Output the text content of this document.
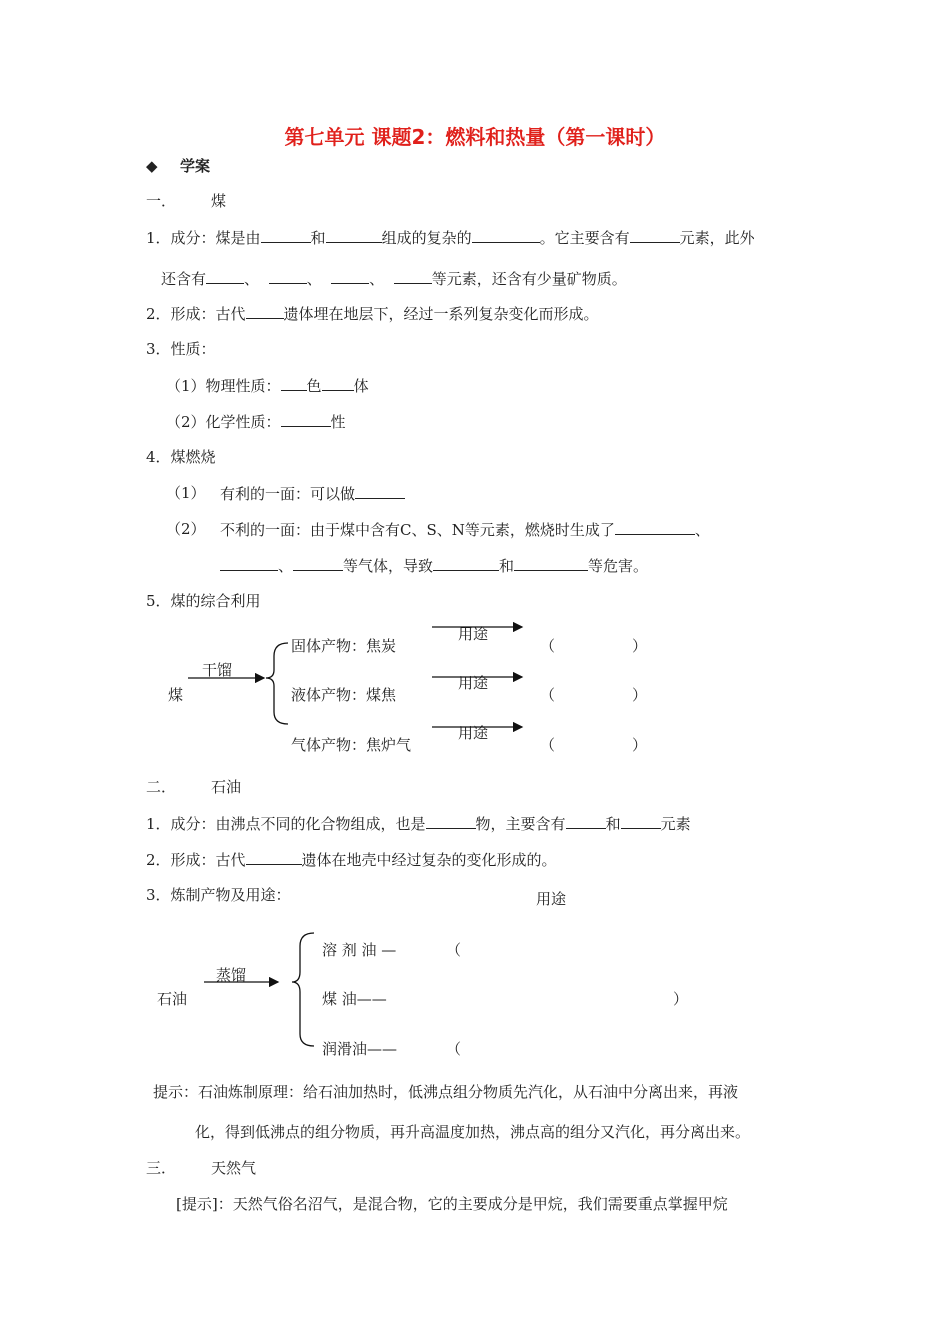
第七单元 课题2：燃料和热量（第一课时）
◆ 学案
一． 煤
1．成分：煤是由	和	组成的复杂的	。它主要含有	元素，此外
还含有	、	、	、	等元素，还含有少量矿物质。
2．形成：古代	遗体埋在地层下，经过一系列复杂变化而形成。
3．性质：
（1）物理性质： 色 体
（2）化学性质：	性
4．煤燃烧
（1） 有利的一面：可以做
（2） 不利的一面：由于煤中含有C、S、N等元素，燃烧时生成了	、
、	等气体，导致	和	等危害。
5．煤的综合利用
煤
干馏
固体产物：焦炭
液体产物：煤焦
气体产物：焦炉气
用途
用途
用途
（	）
（	）
（	）
二． 石油
1．成分：由沸点不同的化合物组成，也是	物，主要含有	和	元素
2．形成：古代	遗体在地壳中经过复杂的变化形成的。
3．炼制产物及用途：	用途
石油
蒸馏
溶 剂 油 —
煤 油——
润滑油——
（
（
）
提示：石油炼制原理：给石油加热时，低沸点组分物质先汽化，从石油中分离出来，再液
化，得到低沸点的组分物质，再升高温度加热，沸点高的组分又汽化，再分离出来。
三． 天然气
[提示]：天然气俗名沼气，是混合物，它的主要成分是甲烷，我们需要重点掌握甲烷
